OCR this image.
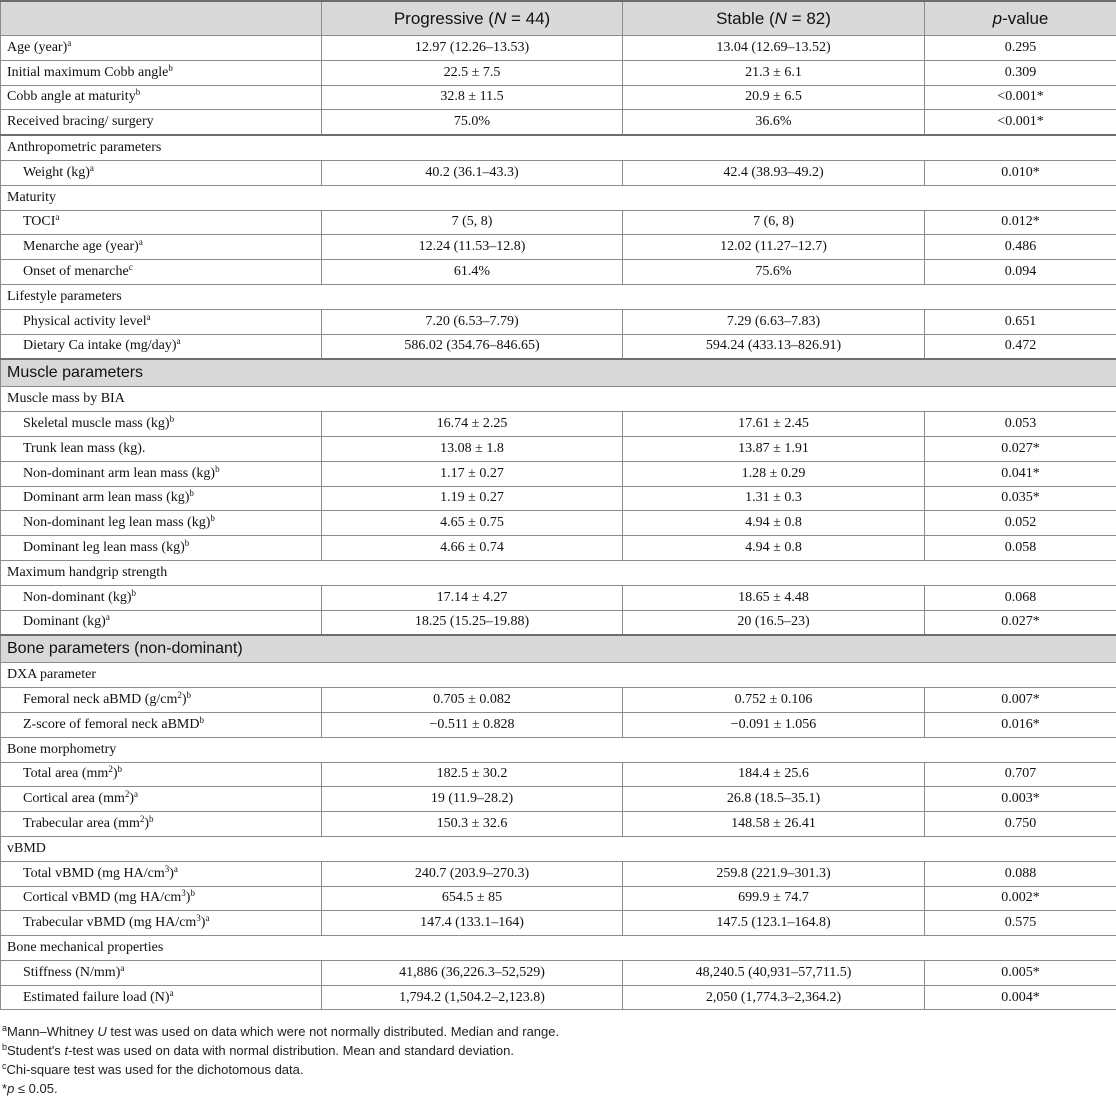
	Progressive (N = 44)	Stable (N = 82)	p-value
Age (year)$^a$	12.97 (12.26–13.53)	13.04 (12.69–13.52)	0.295
Initial maximum Cobb angle$^b$	22.5 ± 7.5	21.3 ± 6.1	0.309
Cobb angle at maturity$^b$	32.8 ± 11.5	20.9 ± 6.5	<0.001*
Received bracing/ surgery	75.0%	36.6%	<0.001*
Anthropometric parameters			
Weight (kg)$^a$	40.2 (36.1–43.3)	42.4 (38.93–49.2)	0.010*
Maturity			
TOCI$^a$	7 (5, 8)	7 (6, 8)	0.012*
Menarche age (year)$^a$	12.24 (11.53–12.8)	12.02 (11.27–12.7)	0.486
Onset of menarche$^c$	61.4%	75.6%	0.094
Lifestyle parameters			
Physical activity level$^a$	7.20 (6.53–7.79)	7.29 (6.63–7.83)	0.651
Dietary Ca intake $(mg/day)^a$	586.02 (354.76–846.65)	594.24 (433.13–826.91)	0.472
Muscle parameters			
Muscle mass by BIA			
Skeletal muscle mass (kg)$^b$	16.74 ± 2.25	17.61 ± 2.45	0.053
Trunk lean mass (kg).	13.08 ± 1.8	13.87 ± 1.91	0.027*
Non-dominant arm lean mass (kg)$^b$	1.17 ± 0.27	1.28 ± 0.29	0.041*
Dominant arm lean mass (kg)$^b$	1.19 ± 0.27	1.31 ± 0.3	0.035*
Non-dominant leg lean mass (kg)$^b$	4.65 ± 0.75	4.94 ± 0.8	0.052
Dominant leg lean mass (kg)$^b$	4.66 ± 0.74	4.94 ± 0.8	0.058
Maximum handgrip strength			
Non-dominant (kg)$^b$	17.14 ± 4.27	18.65 ± 4.48	0.068
Dominant (kg)$^a$	18.25 (15.25–19.88)	20 (16.5–23)	0.027*
Bone parameters (non-dominant)			
DXA parameter			
Femoral neck aBMD $(g/cm^2)^b$	0.705 ± 0.082	0.752 ± 0.106	0.007*
Z-score of femoral neck aBMD$^b$	−0.511 ± 0.828	−0.091 ± 1.056	0.016*
Bone morphometry			
Total area $(mm^2)^b$	182.5 ± 30.2	184.4 ± 25.6	0.707
Cortical area $(mm^2)^a$	19 (11.9–28.2)	26.8 (18.5–35.1)	0.003*
Trabecular area $(mm^2)^b$	150.3 ± 32.6	148.58 ± 26.41	0.750
vBMD			
Total vBMD (mg $HA/cm^3)^a$	240.7 (203.9–270.3)	259.8 (221.9–301.3)	0.088
Cortical vBMD (mg $HA/cm^3)^b$	654.5 ± 85	699.9 ± 74.7	0.002*
Trabecular vBMD (mg $HA/cm^3)^a$	147.4 (133.1–164)	147.5 (123.1–164.8)	0.575
Bone mechanical properties			
Stiffness $(N/mm)^a$	41,886 (36,226.3–52,529)	48,240.5 (40,931–57,711.5)	0.005*
Estimated failure load $(N)^a$	1,794.2 (1,504.2–2,123.8)	2,050 (1,774.3–2,364.2)	0.004*
$^a$Mann–Whitney U test was used on data which were not normally distributed. Median and range.
$^b$Student's t-test was used on data with normal distribution. Mean and standard deviation.
$^c$Chi-square test was used for the dichotomous data.
*p ≤ 0.05.
